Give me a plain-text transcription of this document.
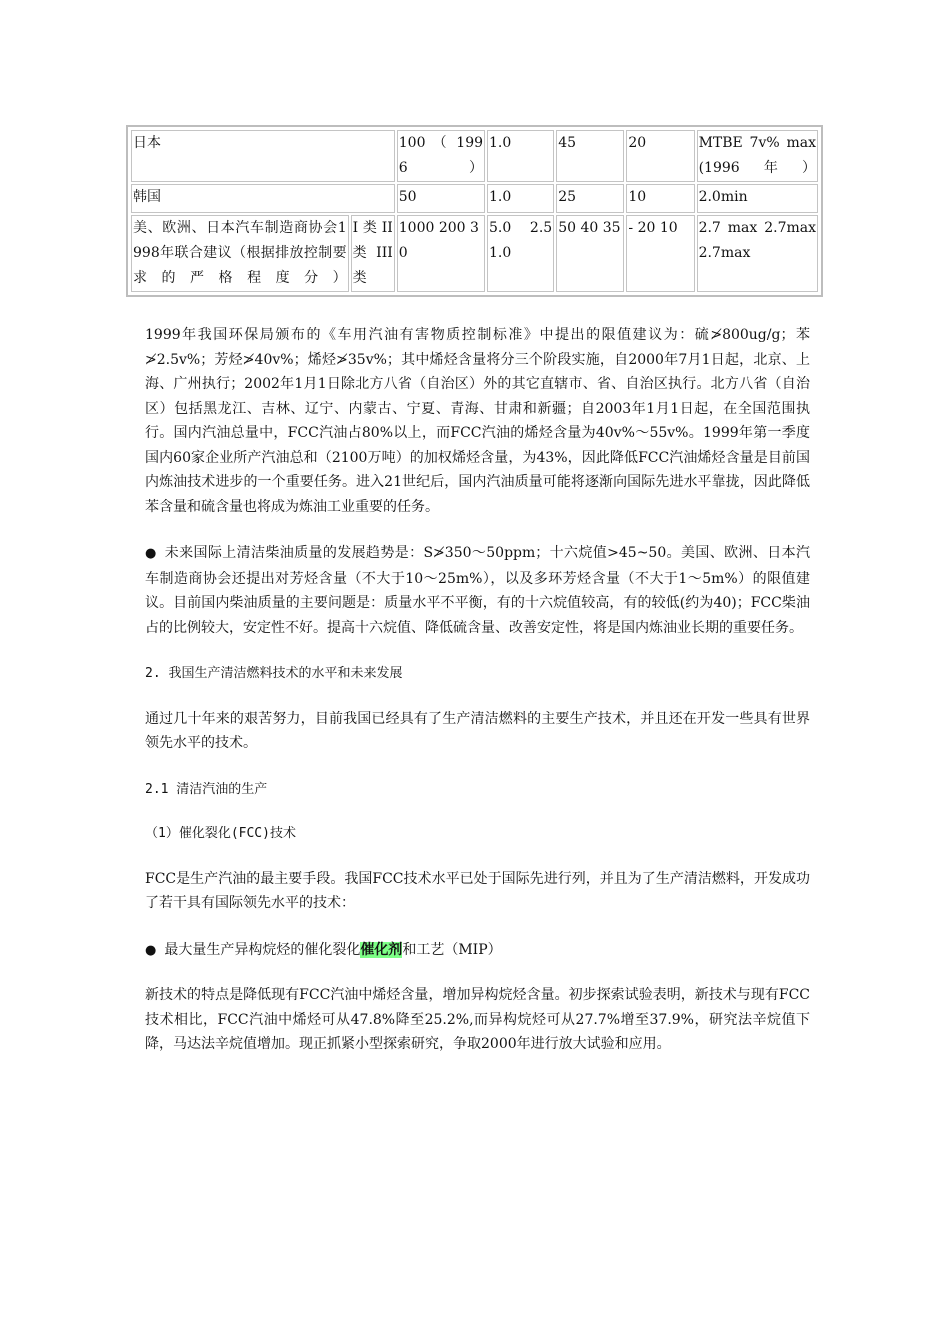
日本		100 （ 1996）	1.0	45	20	MTBE 7v% max(1996年）
韩国		50	1.0	25	10	2.0min
美、欧洲、日本汽车制造商协会1998年联合建议（根据排放控制要求的严格程度分）	I 类 II 类 III类	1000 200 30	5.0 2.5 1.0	50 40 35	- 20 10	2.7 max 2.7max 2.7max

1999年我国环保局颁布的《车用汽油有害物质控制标准》中提出的限值建议为：硫≯800ug/g；苯≯2.5v%；芳烃≯40v%；烯烃≯35v%；其中烯烃含量将分三个阶段实施，自2000年7月1日起，北京、上海、广州执行；2002年1月1日除北方八省（自治区）外的其它直辖市、省、自治区执行。北方八省（自治区）包括黑龙江、吉林、辽宁、内蒙古、宁夏、青海、甘肃和新疆；自2003年1月1日起，在全国范围执行。国内汽油总量中，FCC汽油占80%以上，而FCC汽油的烯烃含量为40v%～55v%。1999年第一季度国内60家企业所产汽油总和（2100万吨）的加权烯烃含量，为43%，因此降低FCC汽油烯烃含量是目前国内炼油技术进步的一个重要任务。进入21世纪后，国内汽油质量可能将逐渐向国际先进水平靠拢，因此降低苯含量和硫含量也将成为炼油工业重要的任务。

● 未来国际上清洁柴油质量的发展趋势是：S≯350～50ppm；十六烷值>45~50。美国、欧洲、日本汽车制造商协会还提出对芳烃含量（不大于10～25m%），以及多环芳烃含量（不大于1～5m%）的限值建议。目前国内柴油质量的主要问题是：质量水平不平衡，有的十六烷值较高，有的较低(约为40)；FCC柴油占的比例较大，安定性不好。提高十六烷值、降低硫含量、改善安定性，将是国内炼油业长期的重要任务。

2. 我国生产清洁燃料技术的水平和未来发展

通过几十年来的艰苦努力，目前我国已经具有了生产清洁燃料的主要生产技术，并且还在开发一些具有世界领先水平的技术。

2.1 清洁汽油的生产

（1）催化裂化(FCC)技术

FCC是生产汽油的最主要手段。我国FCC技术水平已处于国际先进行列，并且为了生产清洁燃料，开发成功了若干具有国际领先水平的技术：

● 最大量生产异构烷烃的催化裂化催化剂和工艺（MIP）

新技术的特点是降低现有FCC汽油中烯烃含量，增加异构烷烃含量。初步探索试验表明，新技术与现有FCC技术相比，FCC汽油中烯烃可从47.8%降至25.2%,而异构烷烃可从27.7%增至37.9%，研究法辛烷值下降，马达法辛烷值增加。现正抓紧小型探索研究，争取2000年进行放大试验和应用。
